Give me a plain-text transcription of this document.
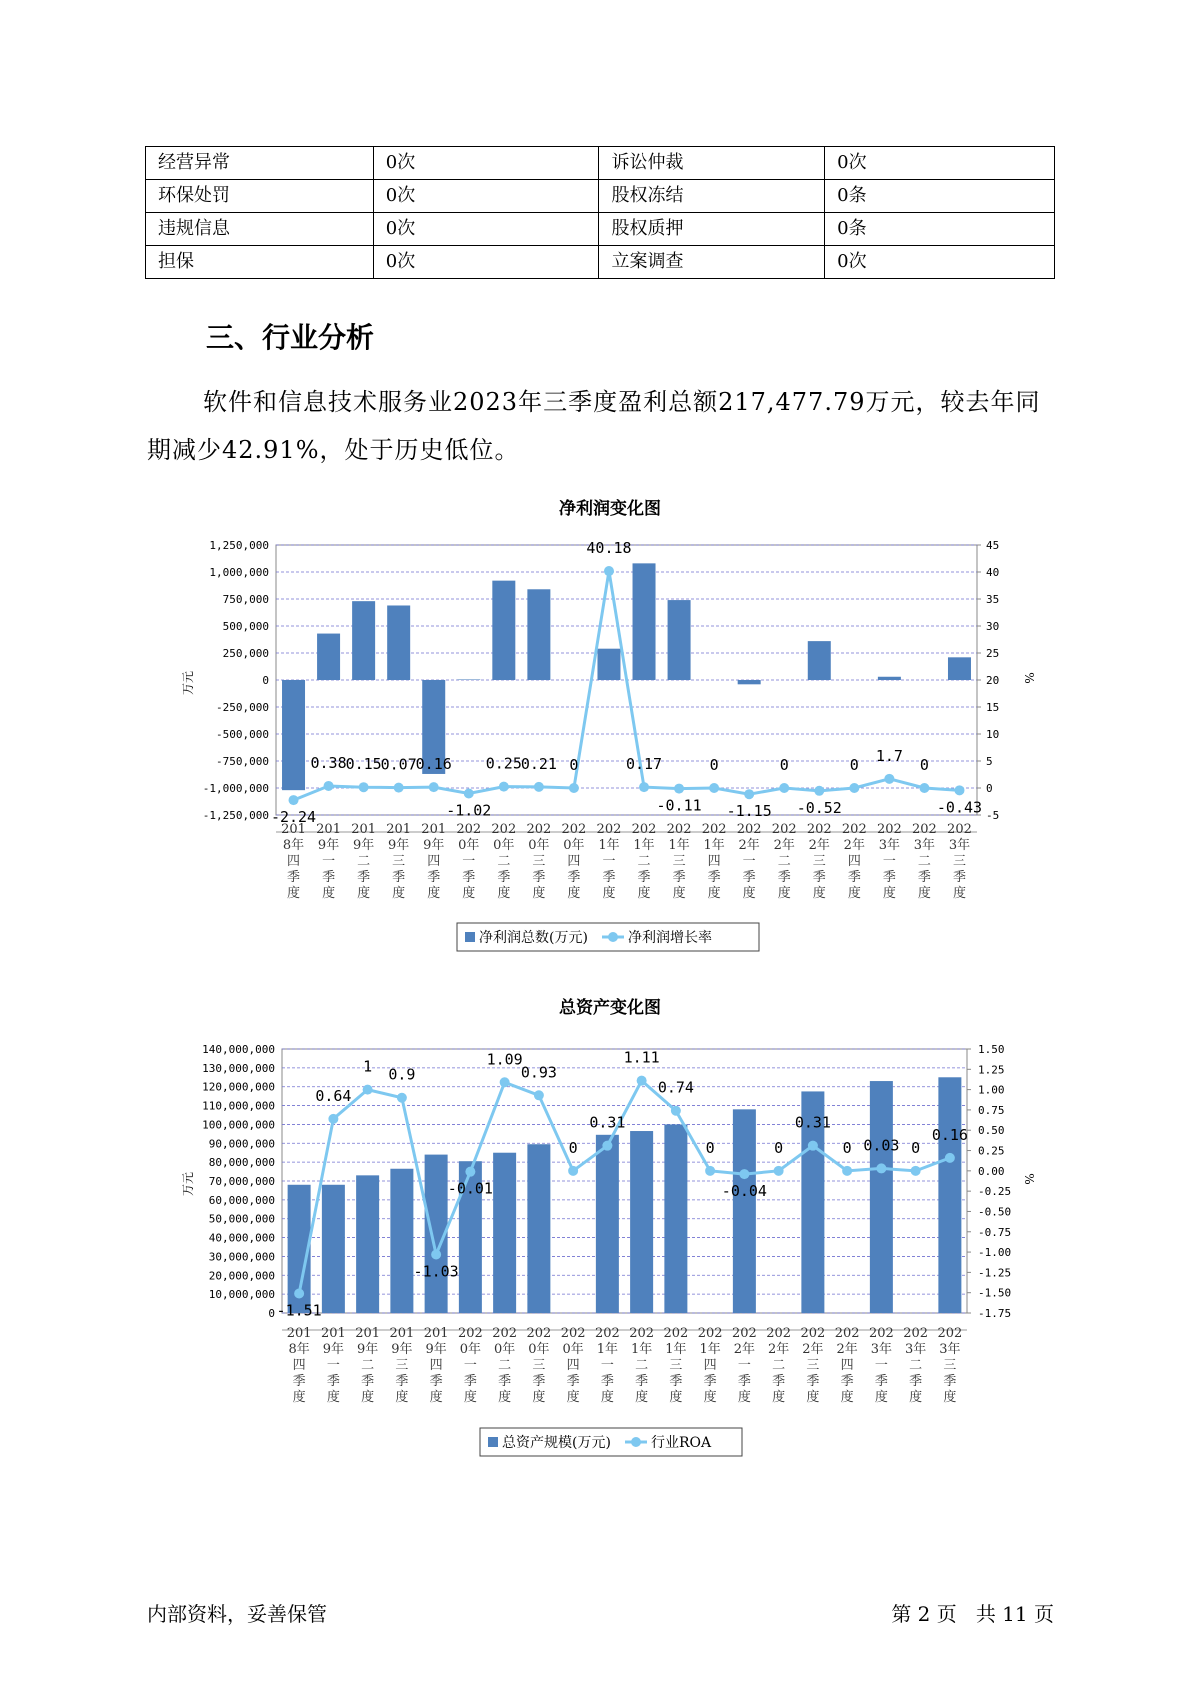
经营异常	0次	诉讼仲裁	0次
环保处罚	0次	股权冻结	0条
违规信息	0次	股权质押	0条
担保	0次	立案调查	0次
三、行业分析
软件和信息技术服务业2023年三季度盈利总额217,477.79万元，较去年同期减少42.91%，处于历史低位。
净利润变化图
-1,250,000
-1,000,000
-750,000
-500,000
-250,000
0
250,000
500,000
750,000
1,000,000
1,250,000
-5
0
5
10
15
20
25
30
35
40
45
万元	%
201 8年四季度
201 9年一季度
201 9年二季度
201 9年三季度
201 9年四季度
202 0年一季度
202 0年二季度
202 0年三季度
202 0年四季度
202 1年一季度
202 1年二季度
202 1年三季度
202 1年四季度
202 2年一季度
202 2年二季度
202 2年三季度
202 2年四季度
202 3年一季度
202 3年二季度
202 3年三季度
-2.24
0.38
0.15
0.07
0.16
-1.02
0.25
0.21 0
40.18
0.17
-0.11
0
-1.15
0
-0.52
0
1.7
0
-0.43
净利润总数(万元)	净利润增长率
总资产变化图
0
10,000,000
20,000,000
30,000,000
40,000,000
50,000,000
60,000,000
70,000,000
80,000,000
90,000,000
100,000,000
110,000,000
120,000,000
130,000,000
140,000,000
-1.75
-1.50
-1.25
-1.00
-0.75
-0.50
-0.25
0.00
0.25
0.50
0.75
1.00
1.25
1.50
万元	%
201 8年四季度
201 9年一季度
201 9年二季度
201 9年三季度
201 9年四季度
202 0年一季度
202 0年二季度
202 0年三季度
202 0年四季度
202 1年一季度
202 1年二季度
202 1年三季度
202 1年四季度
202 2年一季度
202 2年二季度
202 2年三季度
202 2年四季度
202 3年一季度
202 3年二季度
202 3年三季度
-1.51
0.64
1 0.9
-1.03
-0.01
1.09
0.93
0
0.31
1.11
0.74
0
-0.04
0
0.31
0 0.03 0
0.16
总资产规模(万元)	行业ROA
内部资料，妥善保管	第 2 页   共 11 页
